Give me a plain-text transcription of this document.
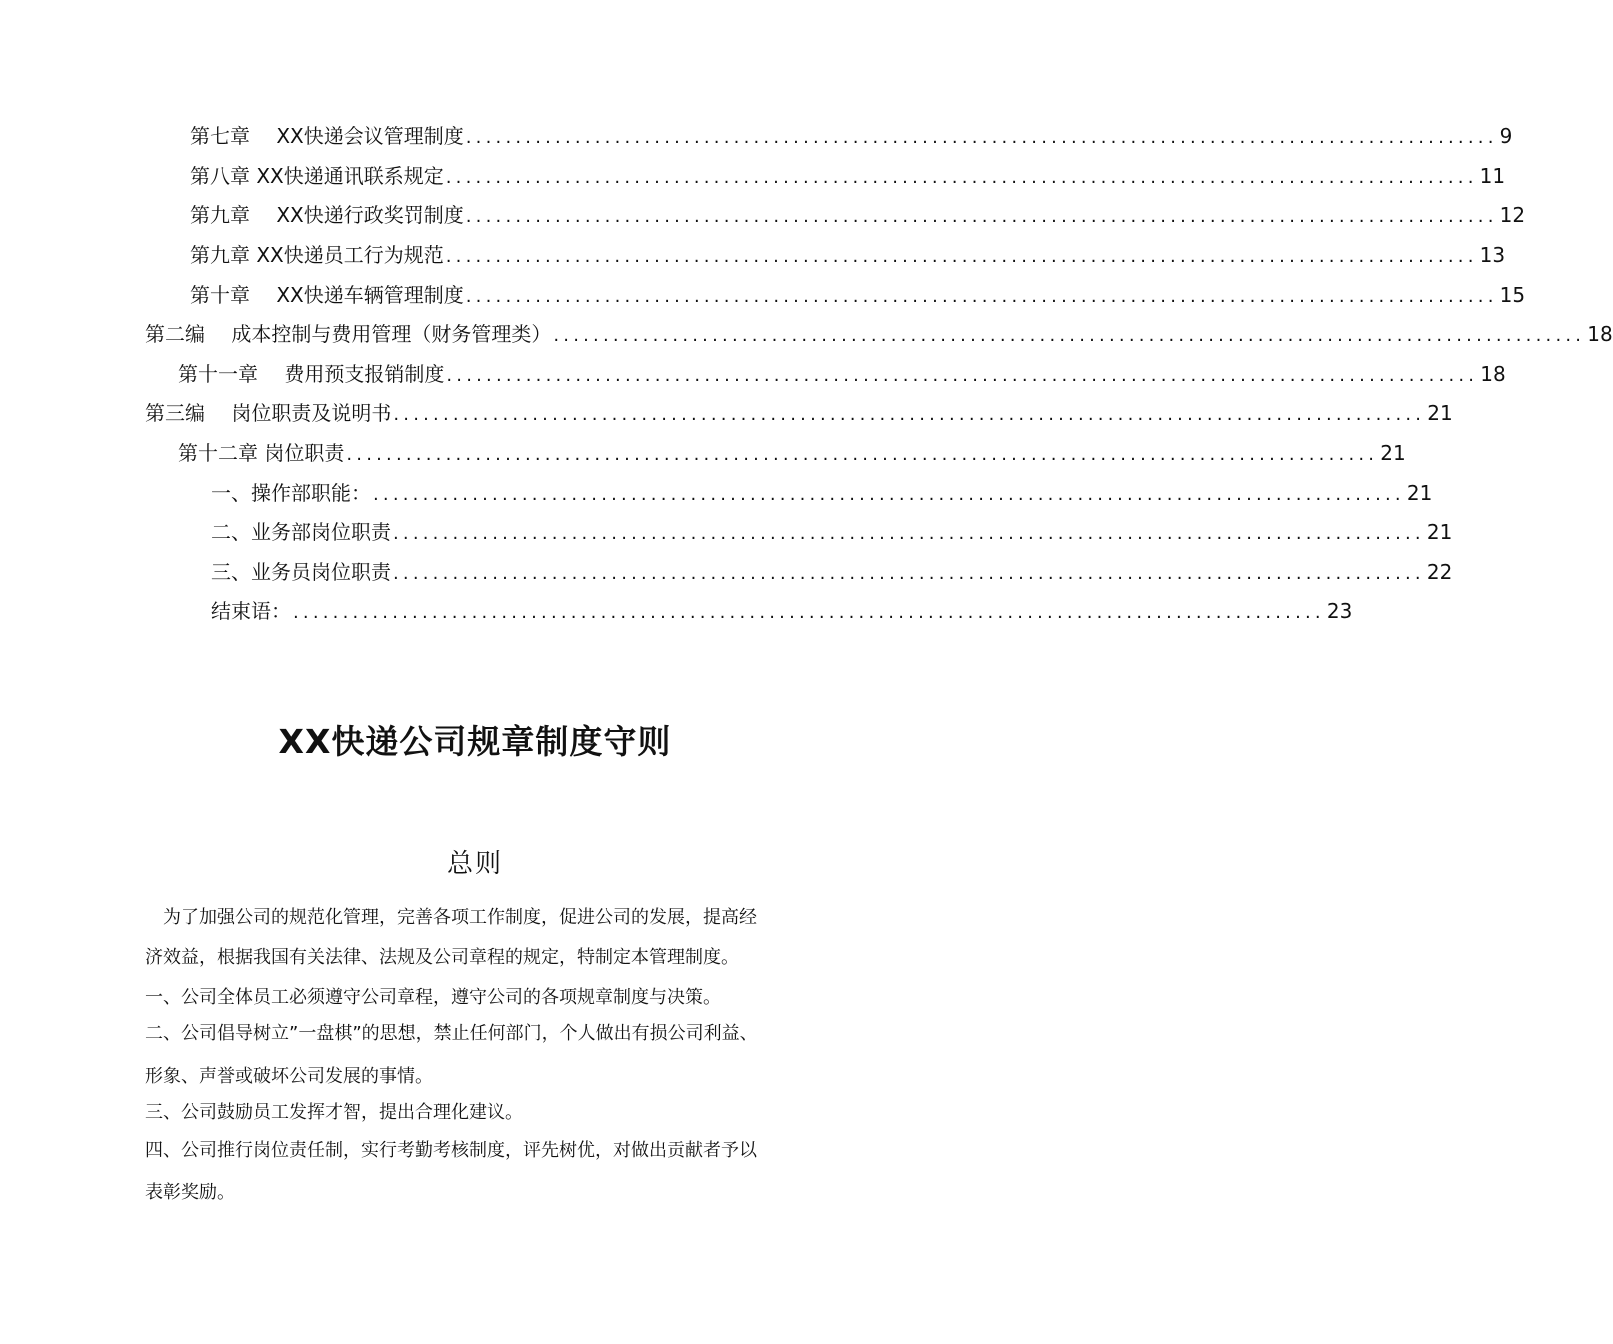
第七章 　XX快递会议管理制度 ........................................................................................................ 9
第八章 XX快递通讯联系规定 ........................................................................................................ 11
第九章 　XX快递行政奖罚制度 ........................................................................................................ 12
第九章 XX快递员工行为规范 ........................................................................................................ 13
第十章 　XX快递车辆管理制度 ........................................................................................................ 15
第二编 　成本控制与费用管理（财务管理类） ........................................................................................................ 18
第十一章 　费用预支报销制度 ........................................................................................................ 18
第三编 　岗位职责及说明书 ........................................................................................................ 21
第十二章 岗位职责 ........................................................................................................ 21
一、操作部职能： ........................................................................................................ 21
二、业务部岗位职责 ........................................................................................................ 21
三、业务员岗位职责 ........................................................................................................ 22
结束语： ........................................................................................................ 23
XX快递公司规章制度守则
总则
　为了加强公司的规范化管理，完善各项工作制度，促进公司的发展，提高经
济效益，根据我国有关法律、法规及公司章程的规定，特制定本管理制度。
一、公司全体员工必须遵守公司章程，遵守公司的各项规章制度与决策。
二、公司倡导树立”一盘棋”的思想，禁止任何部门，个人做出有损公司利益、
形象、声誉或破坏公司发展的事情。
三、公司鼓励员工发挥才智，提出合理化建议。
四、公司推行岗位责任制，实行考勤考核制度，评先树优，对做出贡献者予以
表彰奖励。
